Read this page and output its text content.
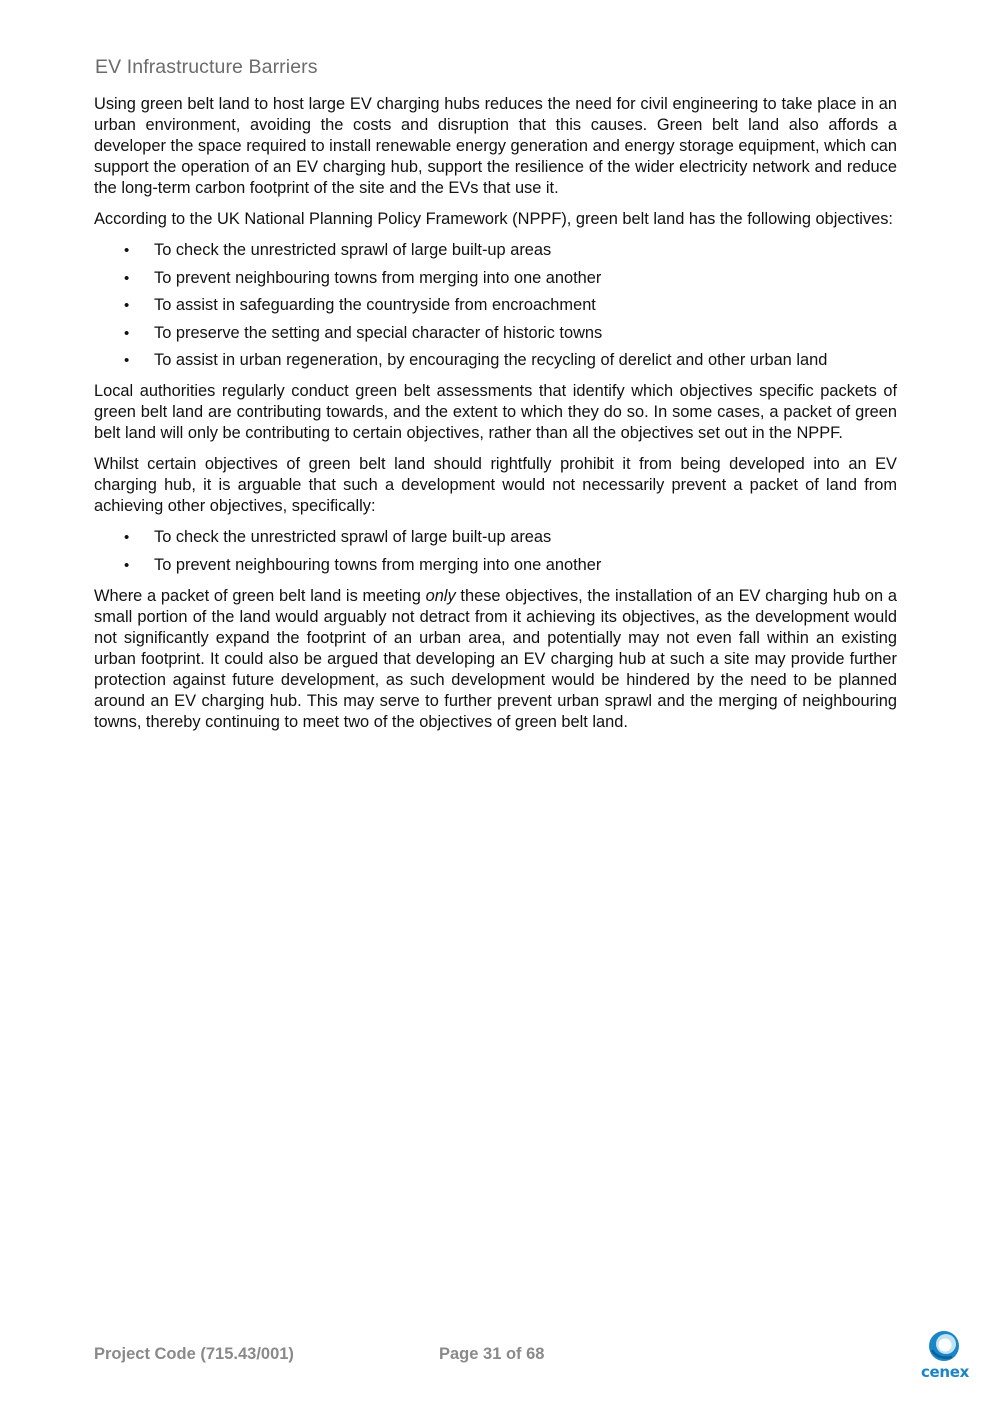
EV Infrastructure Barriers

Using green belt land to host large EV charging hubs reduces the need for civil engineering to take place in an urban environment, avoiding the costs and disruption that this causes. Green belt land also affords a developer the space required to install renewable energy generation and energy storage equipment, which can support the operation of an EV charging hub, support the resilience of the wider electricity network and reduce the long-term carbon footprint of the site and the EVs that use it.

According to the UK National Planning Policy Framework (NPPF), green belt land has the following objectives:

• To check the unrestricted sprawl of large built-up areas
• To prevent neighbouring towns from merging into one another
• To assist in safeguarding the countryside from encroachment
• To preserve the setting and special character of historic towns
• To assist in urban regeneration, by encouraging the recycling of derelict and other urban land

Local authorities regularly conduct green belt assessments that identify which objectives specific packets of green belt land are contributing towards, and the extent to which they do so. In some cases, a packet of green belt land will only be contributing to certain objectives, rather than all the objectives set out in the NPPF.

Whilst certain objectives of green belt land should rightfully prohibit it from being developed into an EV charging hub, it is arguable that such a development would not necessarily prevent a packet of land from achieving other objectives, specifically:

• To check the unrestricted sprawl of large built-up areas
• To prevent neighbouring towns from merging into one another

Where a packet of green belt land is meeting only these objectives, the installation of an EV charging hub on a small portion of the land would arguably not detract from it achieving its objectives, as the development would not significantly expand the footprint of an urban area, and potentially may not even fall within an existing urban footprint. It could also be argued that developing an EV charging hub at such a site may provide further protection against future development, as such development would be hindered by the need to be planned around an EV charging hub. This may serve to further prevent urban sprawl and the merging of neighbouring towns, thereby continuing to meet two of the objectives of green belt land.

Project Code (715.43/001)	Page 31 of 68
cenex
